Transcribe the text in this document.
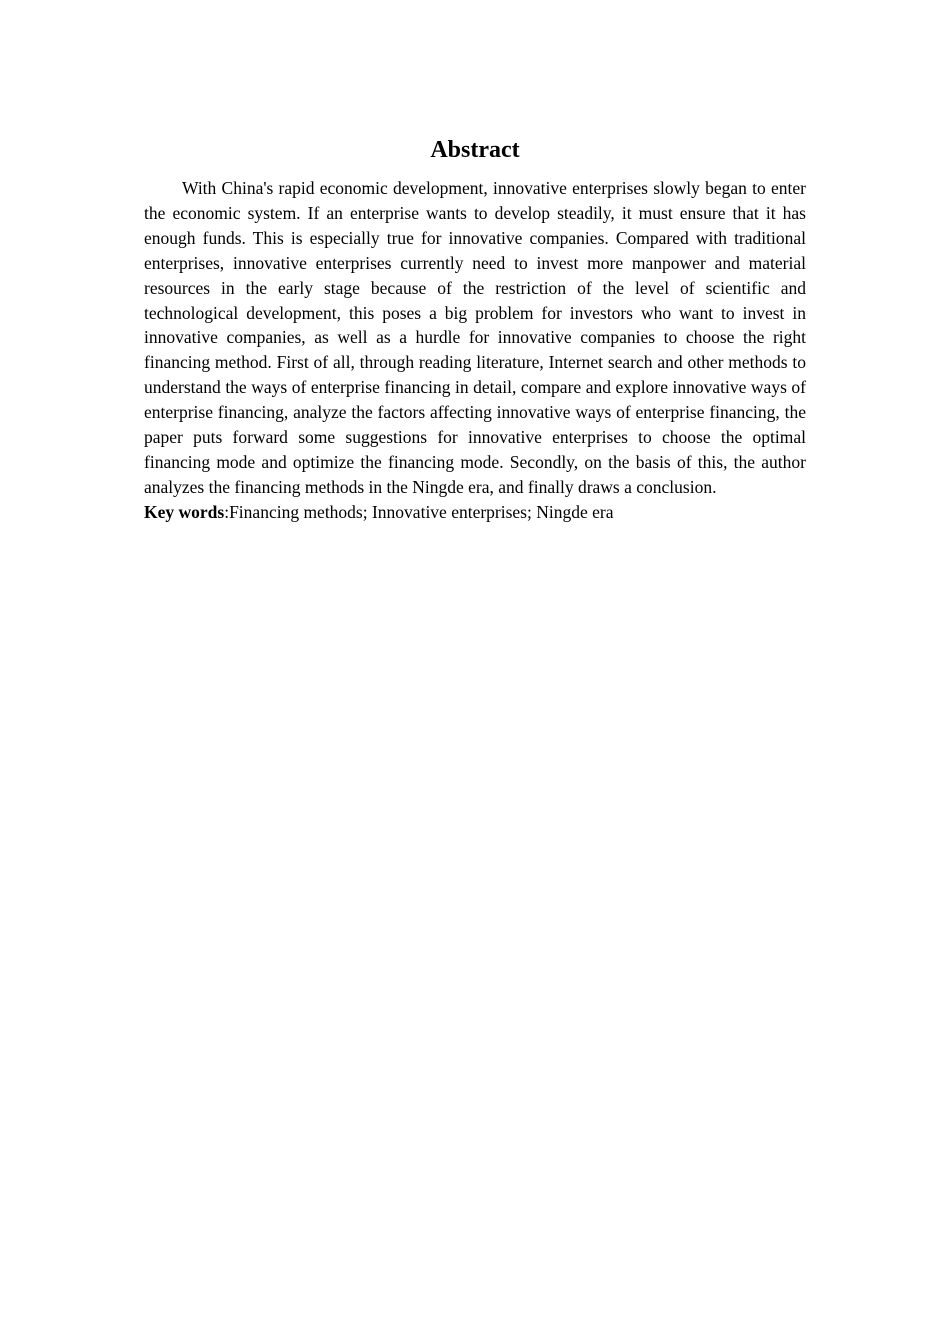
Abstract

With China's rapid economic development, innovative enterprises slowly began to enter the economic system. If an enterprise wants to develop steadily, it must ensure that it has enough funds. This is especially true for innovative companies. Compared with traditional enterprises, innovative enterprises currently need to invest more manpower and material resources in the early stage because of the restriction of the level of scientific and technological development, this poses a big problem for investors who want to invest in innovative companies, as well as a hurdle for innovative companies to choose the right financing method. First of all, through reading literature, Internet search and other methods to understand the ways of enterprise financing in detail, compare and explore innovative ways of enterprise financing, analyze the factors affecting innovative ways of enterprise financing, the paper puts forward some suggestions for innovative enterprises to choose the optimal financing mode and optimize the financing mode. Secondly, on the basis of this, the author analyzes the financing methods in the Ningde era, and finally draws a conclusion.

Key words:Financing methods; Innovative enterprises; Ningde era
